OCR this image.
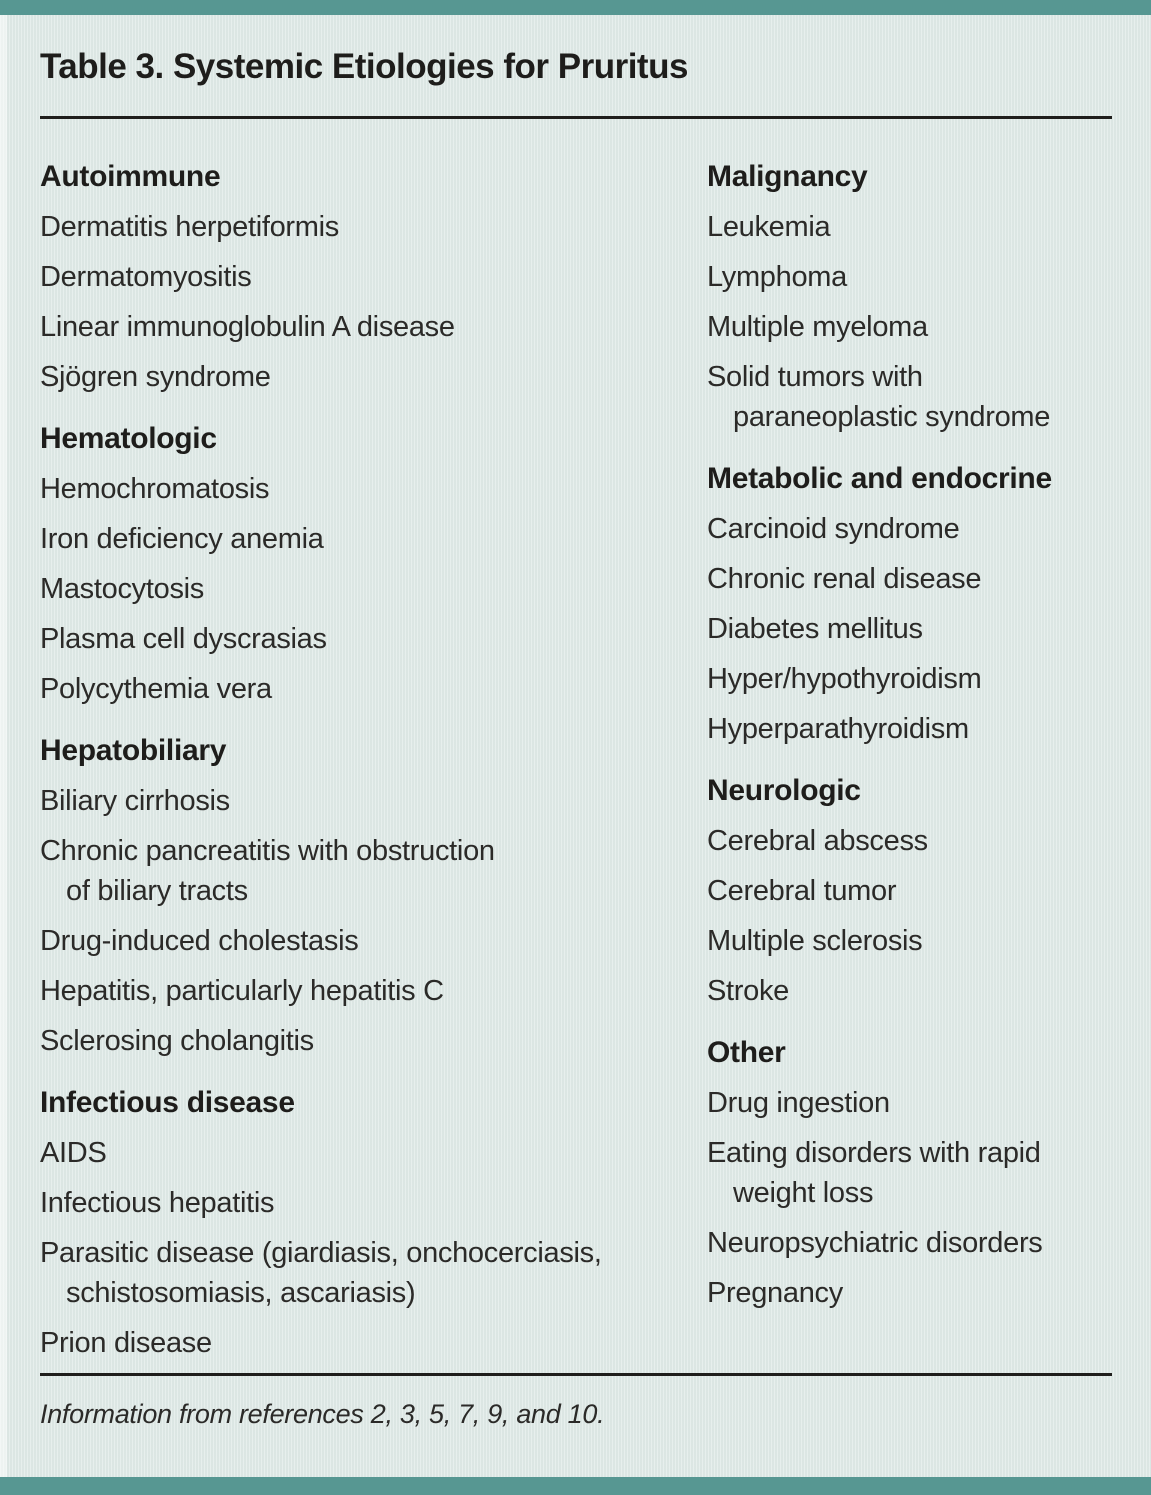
Table 3. Systemic Etiologies for Pruritus
Autoimmune
Dermatitis herpetiformis
Dermatomyositis
Linear immunoglobulin A disease
Sjögren syndrome
Hematologic
Hemochromatosis
Iron deficiency anemia
Mastocytosis
Plasma cell dyscrasias
Polycythemia vera
Hepatobiliary
Biliary cirrhosis
Chronic pancreatitis with obstruction
of biliary tracts
Drug-induced cholestasis
Hepatitis, particularly hepatitis C
Sclerosing cholangitis
Infectious disease
AIDS
Infectious hepatitis
Parasitic disease (giardiasis, onchocerciasis,
schistosomiasis, ascariasis)
Prion disease
Malignancy
Leukemia
Lymphoma
Multiple myeloma
Solid tumors with
paraneoplastic syndrome
Metabolic and endocrine
Carcinoid syndrome
Chronic renal disease
Diabetes mellitus
Hyper/hypothyroidism
Hyperparathyroidism
Neurologic
Cerebral abscess
Cerebral tumor
Multiple sclerosis
Stroke
Other
Drug ingestion
Eating disorders with rapid
weight loss
Neuropsychiatric disorders
Pregnancy
Information from references 2, 3, 5, 7, 9, and 10.
